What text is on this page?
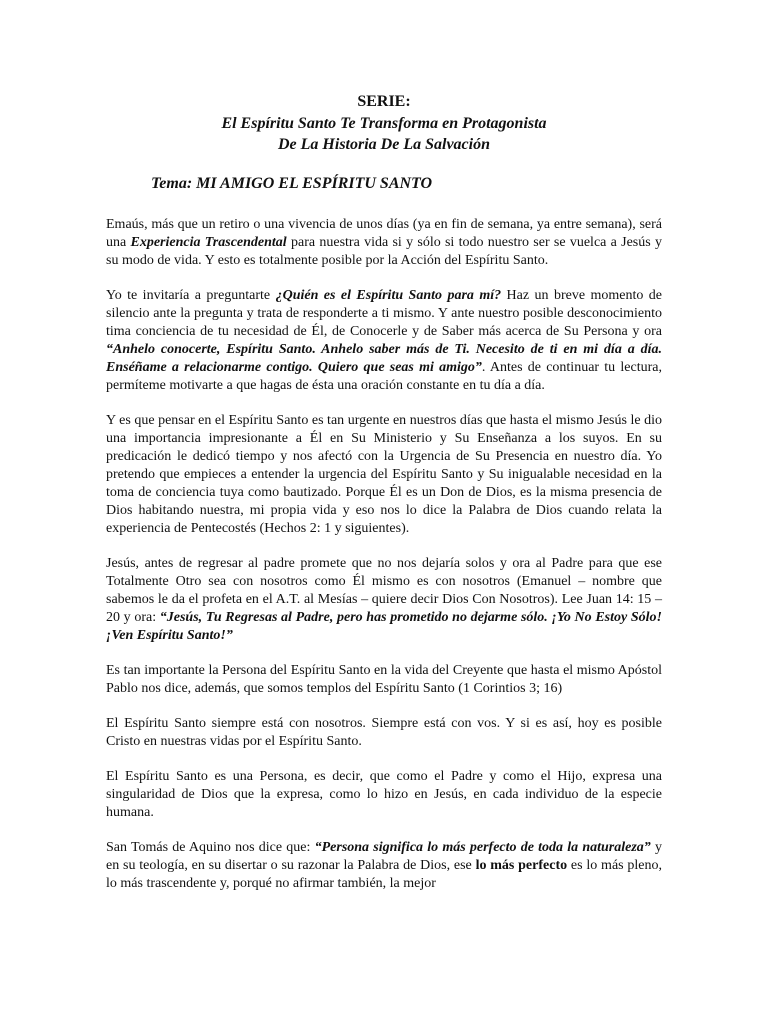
SERIE:
El Espíritu Santo Te Transforma en Protagonista
De La Historia De La Salvación
Tema: MI AMIGO EL ESPÍRITU SANTO

Emaús, más que un retiro o una vivencia de unos días (ya en fin de semana, ya entre semana), será una Experiencia Trascendental para nuestra vida si y sólo si todo nuestro ser se vuelca a Jesús y su modo de vida. Y esto es totalmente posible por la Acción del Espíritu Santo.

Yo te invitaría a preguntarte ¿Quién es el Espíritu Santo para mí? Haz un breve momento de silencio ante la pregunta y trata de responderte a ti mismo. Y ante nuestro posible desconocimiento tima conciencia de tu necesidad de Él, de Conocerle y de Saber más acerca de Su Persona y ora “Anhelo conocerte, Espíritu Santo. Anhelo saber más de Ti. Necesito de ti en mi día a día. Enséñame a relacionarme contigo. Quiero que seas mi amigo”. Antes de continuar tu lectura, permíteme motivarte a que hagas de ésta una oración constante en tu día a día.

Y es que pensar en el Espíritu Santo es tan urgente en nuestros días que hasta el mismo Jesús le dio una importancia impresionante a Él en Su Ministerio y Su Enseñanza a los suyos. En su predicación le dedicó tiempo y nos afectó con la Urgencia de Su Presencia en nuestro día. Yo pretendo que empieces a entender la urgencia del Espíritu Santo y Su inigualable necesidad en la toma de conciencia tuya como bautizado. Porque Él es un Don de Dios, es la misma presencia de Dios habitando nuestra, mi propia vida y eso nos lo dice la Palabra de Dios cuando relata la experiencia de Pentecostés (Hechos 2: 1 y siguientes).

Jesús, antes de regresar al padre promete que no nos dejaría solos y ora al Padre para que ese Totalmente Otro sea con nosotros como Él mismo es con nosotros (Emanuel – nombre que sabemos le da el profeta en el A.T. al Mesías – quiere decir Dios Con Nosotros). Lee Juan 14: 15 – 20 y ora: “Jesús, Tu Regresas al Padre, pero has prometido no dejarme sólo. ¡Yo No Estoy Sólo! ¡Ven Espíritu Santo!”

Es tan importante la Persona del Espíritu Santo en la vida del Creyente que hasta el mismo Apóstol Pablo nos dice, además, que somos templos del Espíritu Santo (1 Corintios 3; 16)

El Espíritu Santo siempre está con nosotros. Siempre está con vos. Y si es así, hoy es posible Cristo en nuestras vidas por el Espíritu Santo.

El Espíritu Santo es una Persona, es decir, que como el Padre y como el Hijo, expresa una singularidad de Dios que la expresa, como lo hizo en Jesús, en cada individuo de la especie humana.

San Tomás de Aquino nos dice que: “Persona significa lo más perfecto de toda la naturaleza” y en su teología, en su disertar o su razonar la Palabra de Dios, ese lo más perfecto es lo más pleno, lo más trascendente y, porqué no afirmar también, la mejor
